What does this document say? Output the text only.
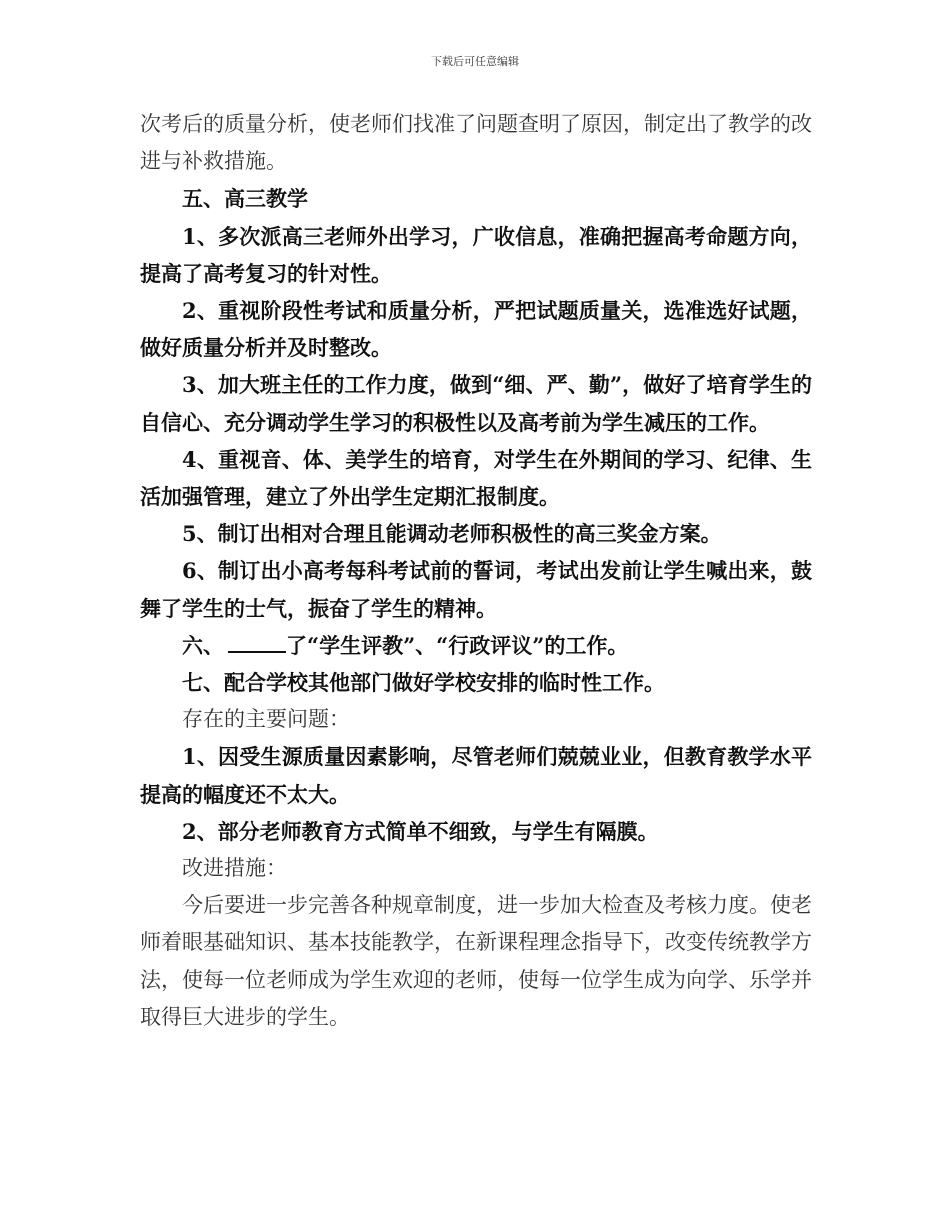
下载后可任意编辑

次考后的质量分析，使老师们找准了问题查明了原因，制定出了教学的改进与补救措施。

五、高三教学

1、多次派高三老师外出学习，广收信息，准确把握高考命题方向，提高了高考复习的针对性。

2、重视阶段性考试和质量分析，严把试题质量关，选准选好试题，做好质量分析并及时整改。

3、加大班主任的工作力度，做到“细、严、勤”，做好了培育学生的自信心、充分调动学生学习的积极性以及高考前为学生减压的工作。

4、重视音、体、美学生的培育，对学生在外期间的学习、纪律、生活加强管理，建立了外出学生定期汇报制度。

5、制订出相对合理且能调动老师积极性的高三奖金方案。

6、制订出小高考每科考试前的誓词，考试出发前让学生喊出来，鼓舞了学生的士气，振奋了学生的精神。

六、	了“学生评教”、“行政评议”的工作。

七、配合学校其他部门做好学校安排的临时性工作。

存在的主要问题：

1、因受生源质量因素影响，尽管老师们兢兢业业，但教育教学水平提高的幅度还不太大。

2、部分老师教育方式简单不细致，与学生有隔膜。

改进措施：

今后要进一步完善各种规章制度，进一步加大检查及考核力度。使老师着眼基础知识、基本技能教学，在新课程理念指导下，改变传统教学方法，使每一位老师成为学生欢迎的老师，使每一位学生成为向学、乐学并取得巨大进步的学生。
